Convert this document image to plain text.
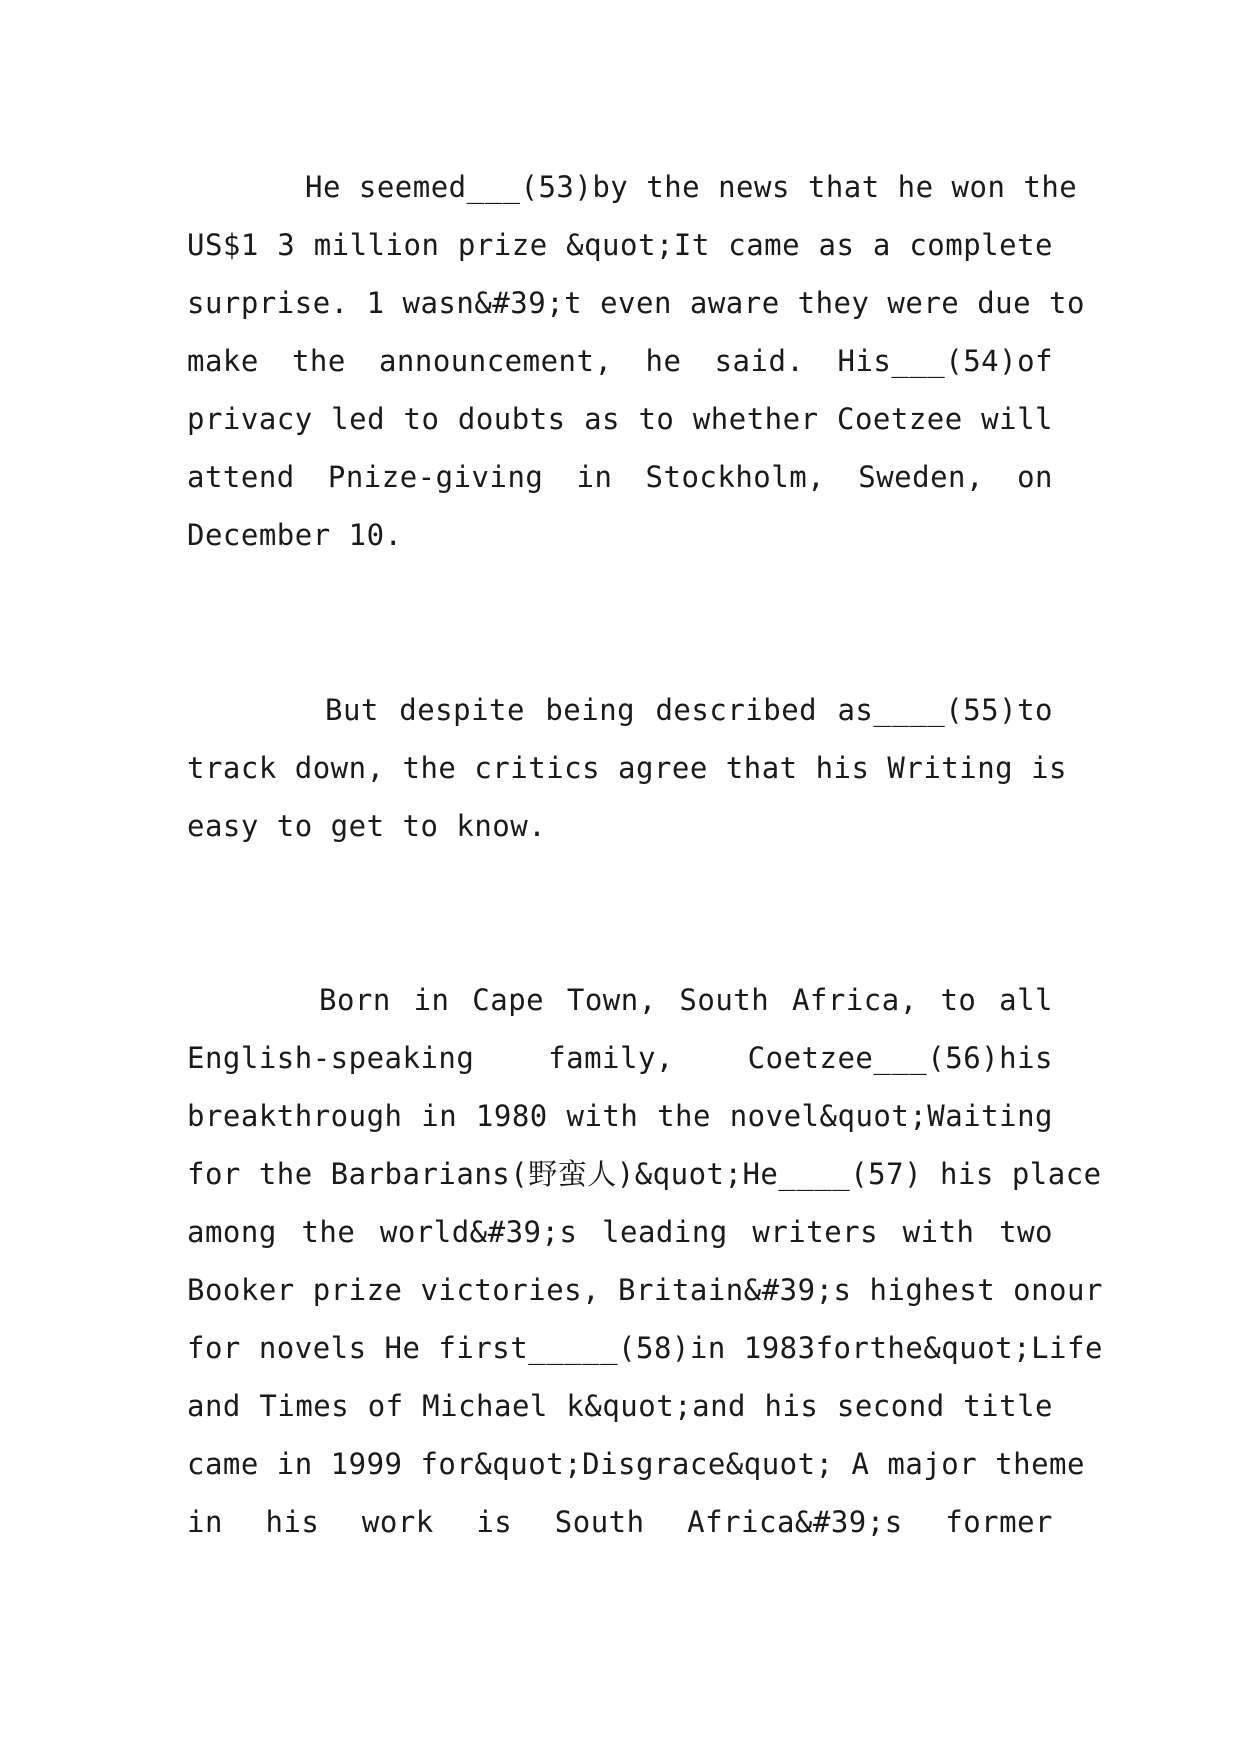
He seemed___(53)by the news that he won the
US$1 3 million prize &quot;It came as a complete
surprise. 1 wasn&#39;t even aware they were due to
make the announcement, he said. His___(54)of
privacy led to doubts as to whether Coetzee will
attend Pnize-giving in Stockholm, Sweden, on
December 10.
But despite being described as____(55)to
track down, the critics agree that his Writing is
easy to get to know.
Born in Cape Town, South Africa, to all
English-speaking family, Coetzee___(56)his
breakthrough in 1980 with the novel&quot;Waiting
for the Barbarians(野蛮人)&quot;He____(57) his place
among the world&#39;s leading writers with two
Booker prize victories, Britain&#39;s highest onour
for novels He first_____(58)in 1983forthe&quot;Life
and Times of Michael k&quot;and his second title
came in 1999 for&quot;Disgrace&quot; A major theme
in his work is South Africa&#39;s former
